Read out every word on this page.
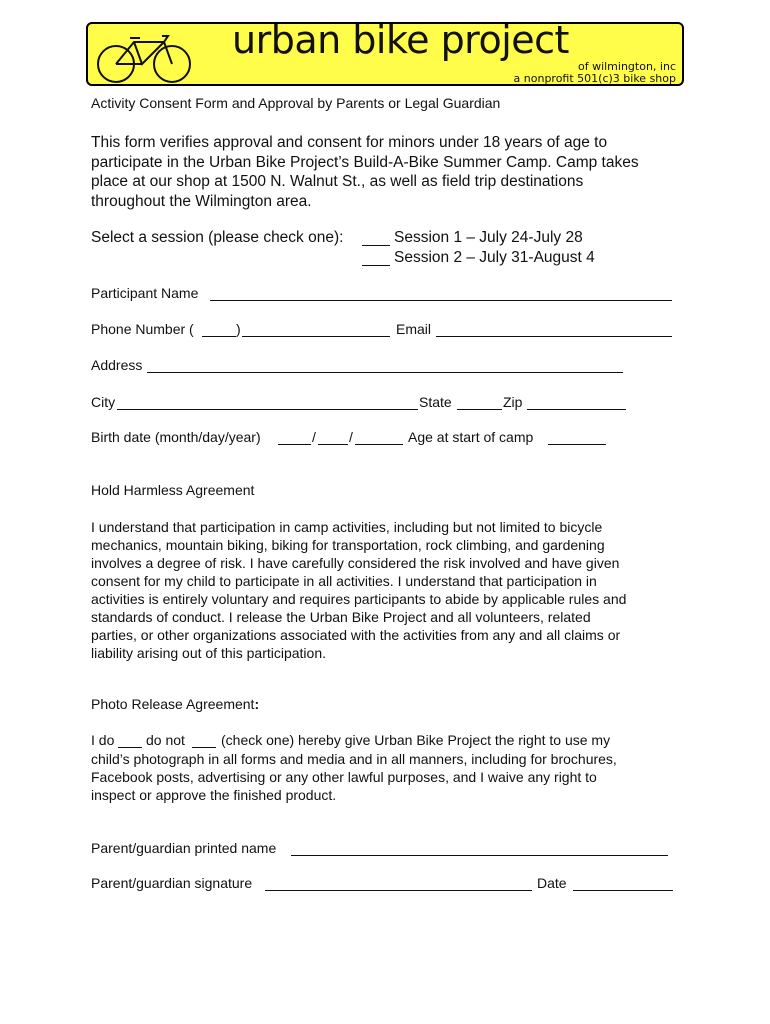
urban bike project
of wilmington, inc
a nonprofit 501(c)3 bike shop
Activity Consent Form and Approval by Parents or Legal Guardian

This form verifies approval and consent for minors under 18 years of age to

participate in the Urban Bike Project’s Build-A-Bike Summer Camp. Camp takes

place at our shop at 1500 N. Walnut St., as well as field trip destinations

throughout the Wilmington area.

Select a session (please check one):	Session 1 – July 24-July 28
Session 2 – July 31-August 4
Participant Name
Phone Number (	)	Email
Address
City	State	Zip
Birth date (month/day/year)	/ /	Age at start of camp
Hold Harmless Agreement

I understand that participation in camp activities, including but not limited to bicycle

mechanics, mountain biking, biking for transportation, rock climbing, and gardening

involves a degree of risk. I have carefully considered the risk involved and have given

consent for my child to participate in all activities. I understand that participation in

activities is entirely voluntary and requires participants to abide by applicable rules and

standards of conduct. I release the Urban Bike Project and all volunteers, related

parties, or other organizations associated with the activities from any and all claims or

liability arising out of this participation.

Photo Release Agreement:
I do do not	(check one) hereby give Urban Bike Project the right to use my

child’s photograph in all forms and media and in all manners, including for brochures,

Facebook posts, advertising or any other lawful purposes, and I waive any right to

inspect or approve the finished product.

Parent/guardian printed name
Parent/guardian signature	Date
